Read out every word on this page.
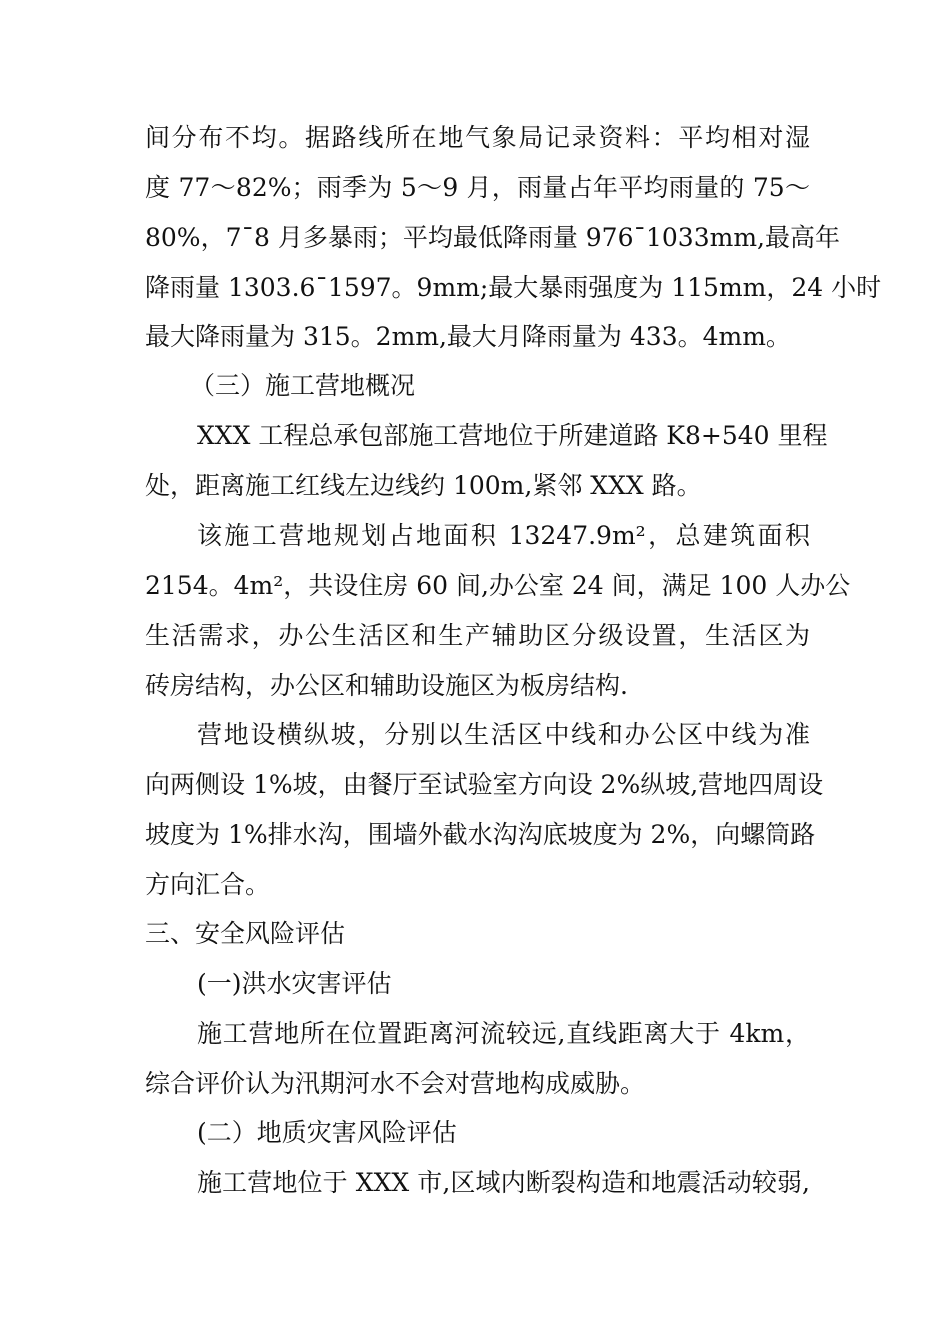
间分布不均。据路线所在地气象局记录资料：平均相对湿
度 77～82%；雨季为 5～9 月，雨量占年平均雨量的 75～
80%，7¯8 月多暴雨；平均最低降雨量 976¯1033mm,最高年
降雨量 1303.6¯1597。9mm;最大暴雨强度为 115mm，24 小时
最大降雨量为 315。2mm,最大月降雨量为 433。4mm。
（三）施工营地概况
XXX 工程总承包部施工营地位于所建道路 K8+540 里程
处，距离施工红线左边线约 100m,紧邻 XXX 路。
该施工营地规划占地面积 13247.9m²，总建筑面积
2154。4m²，共设住房 60 间,办公室 24 间，满足 100 人办公
生活需求，办公生活区和生产辅助区分级设置，生活区为
砖房结构，办公区和辅助设施区为板房结构.
营地设横纵坡，分别以生活区中线和办公区中线为准
向两侧设 1%坡，由餐厅至试验室方向设 2%纵坡,营地四周设
坡度为 1%排水沟，围墙外截水沟沟底坡度为 2%，向螺筒路
方向汇合。
三、安全风险评估
(一)洪水灾害评估
施工营地所在位置距离河流较远,直线距离大于 4km，
综合评价认为汛期河水不会对营地构成威胁。
(二）地质灾害风险评估
施工营地位于 XXX 市,区域内断裂构造和地震活动较弱,
